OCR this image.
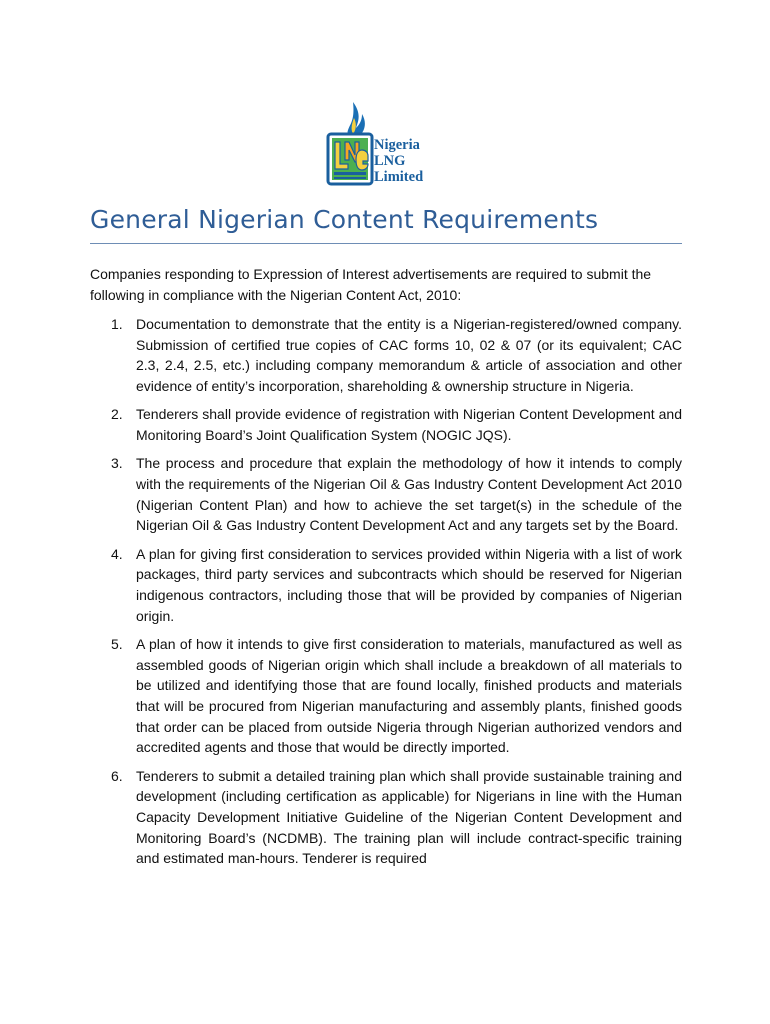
Nigeria
LNG
Limited
General Nigerian Content Requirements

Companies responding to Expression of Interest advertisements are required to submit the following in compliance with the Nigerian Content Act, 2010:

1. Documentation to demonstrate that the entity is a Nigerian-registered/owned company. Submission of certified true copies of CAC forms 10, 02 & 07 (or its equivalent; CAC 2.3, 2.4, 2.5, etc.) including company memorandum & article of association and other evidence of entity’s incorporation, shareholding & ownership structure in Nigeria.
2. Tenderers shall provide evidence of registration with Nigerian Content Development and Monitoring Board’s Joint Qualification System (NOGIC JQS).
3. The process and procedure that explain the methodology of how it intends to comply with the requirements of the Nigerian Oil & Gas Industry Content Development Act 2010 (Nigerian Content Plan) and how to achieve the set target(s) in the schedule of the Nigerian Oil & Gas Industry Content Development Act and any targets set by the Board.
4. A plan for giving first consideration to services provided within Nigeria with a list of work packages, third party services and subcontracts which should be reserved for Nigerian indigenous contractors, including those that will be provided by companies of Nigerian origin.
5. A plan of how it intends to give first consideration to materials, manufactured as well as assembled goods of Nigerian origin which shall include a breakdown of all materials to be utilized and identifying those that are found locally, finished products and materials that will be procured from Nigerian manufacturing and assembly plants, finished goods that order can be placed from outside Nigeria through Nigerian authorized vendors and accredited agents and those that would be directly imported.
6. Tenderers to submit a detailed training plan which shall provide sustainable training and development (including certification as applicable) for Nigerians in line with the Human Capacity Development Initiative Guideline of the Nigerian Content Development and Monitoring Board’s (NCDMB). The training plan will include contract-specific training and estimated man-hours. Tenderer is required
